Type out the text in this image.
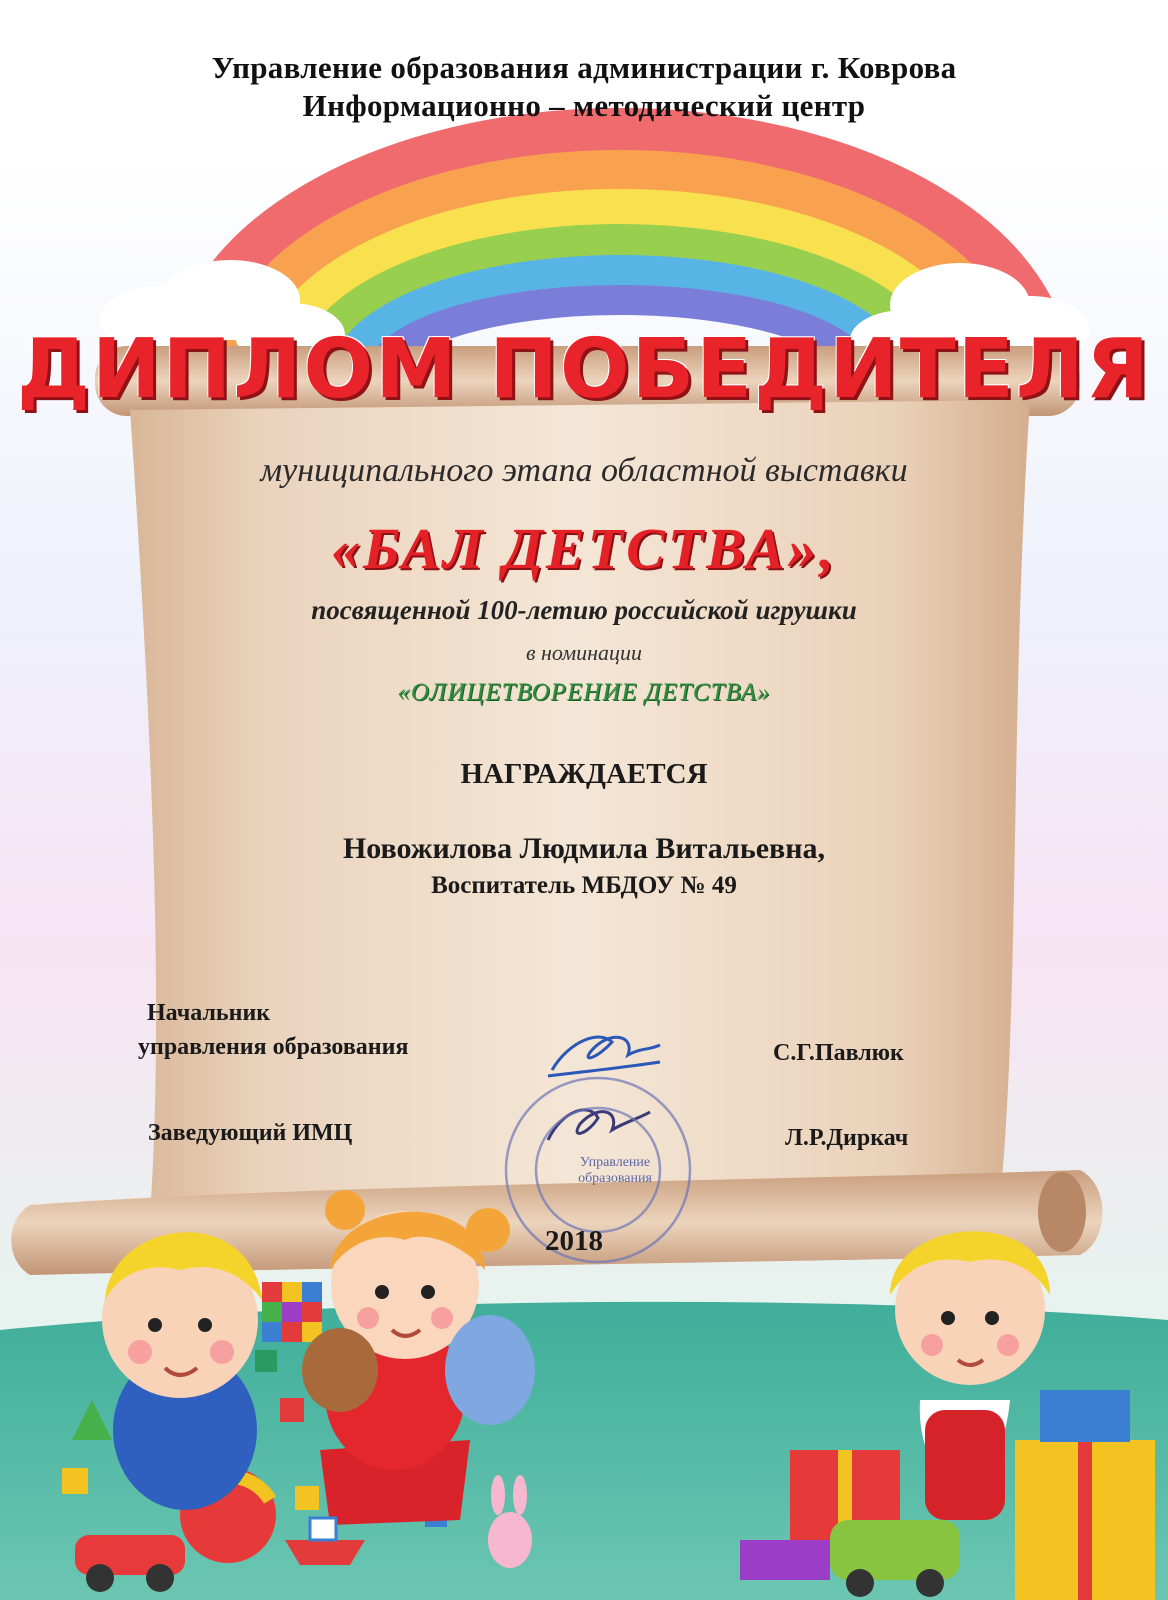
Управление образования администрации г. Коврова
Информационно – методический центр
ДИПЛОМ ПОБЕДИТЕЛЯ
муниципального этапа областной выставки
«БАЛ ДЕТСТВА»,
посвященной 100-летию российской игрушки
в номинации
«ОЛИЦЕТВОРЕНИЕ ДЕТСТВА»
НАГРАЖДАЕТСЯ
Новожилова Людмила Витальевна,
Воспитатель МБДОУ № 49
Начальник
управления образования	С.Г.Павлюк
Заведующий ИМЦ	Л.Р.Диркач
Управление образования
2018
